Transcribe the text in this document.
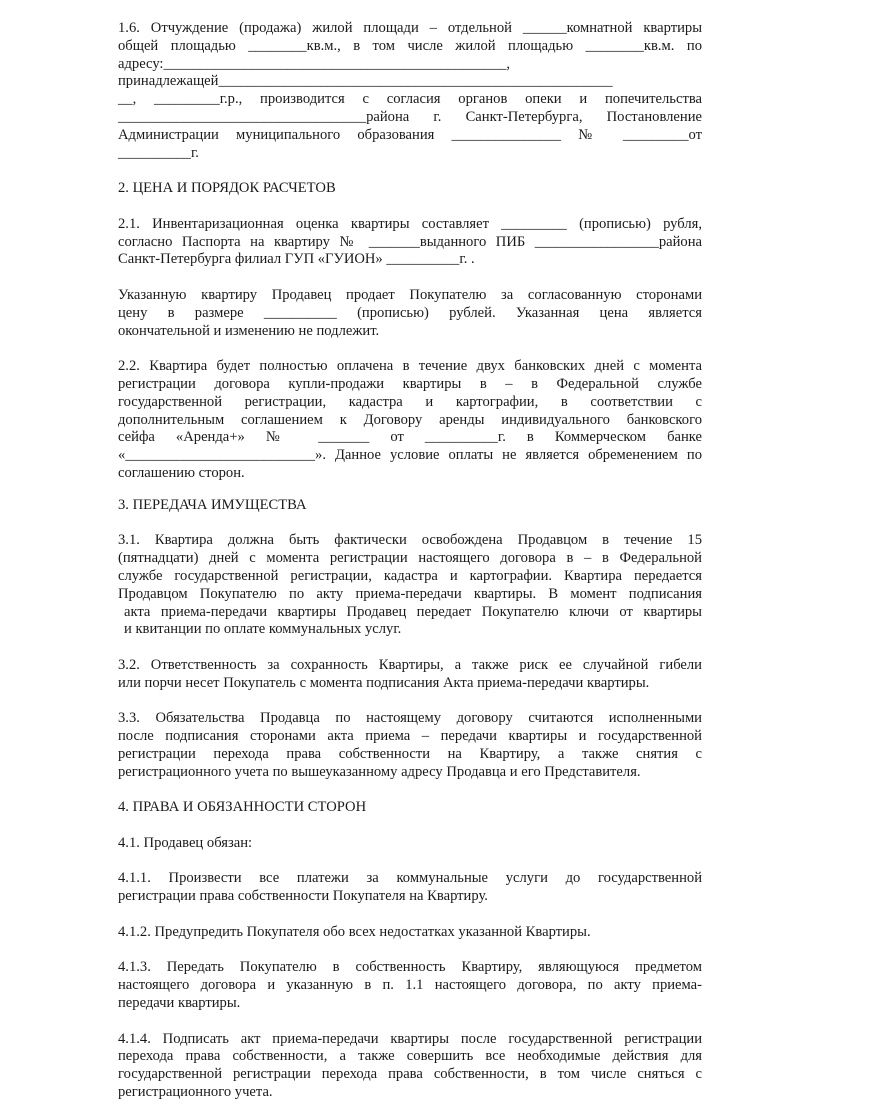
1.6. Отчуждение (продажа) жилой площади – отдельной ______комнатной квартиры
общей площадью ________кв.м., в том числе жилой площадью ________кв.м. по
адресу:_______________________________________________,
принадлежащей______________________________________________________
__, _________г.р., производится с согласия органов опеки и попечительства
__________________________________района г. Санкт-Петербурга, Постановление
Администрации муниципального образования _______________ № _________от
__________г.
2. ЦЕНА И ПОРЯДОК РАСЧЕТОВ
2.1. Инвентаризационная оценка квартиры составляет _________ (прописью) рубля,
согласно Паспорта на квартиру № _______выданного ПИБ _________________района
Санкт-Петербурга филиал ГУП «ГУИОН» __________г. .
Указанную квартиру Продавец продает Покупателю за согласованную сторонами
цену в размере __________ (прописью) рублей. Указанная цена является
окончательной и изменению не подлежит.
2.2. Квартира будет полностью оплачена в течение двух банковских дней с момента
регистрации договора купли-продажи квартиры в – в Федеральной службе
государственной регистрации, кадастра и картографии, в соответствии с
дополнительным соглашением к Договору аренды индивидуального банковского
сейфа «Аренда+» № _______ от __________г. в Коммерческом банке
«__________________________». Данное условие оплаты не является обременением по
соглашению сторон.
3. ПЕРЕДАЧА ИМУЩЕСТВА
3.1. Квартира должна быть фактически освобождена Продавцом в течение 15
(пятнадцати) дней с момента регистрации настоящего договора в – в Федеральной
службе государственной регистрации, кадастра и картографии. Квартира передается
Продавцом Покупателю по акту приема-передачи квартиры. В момент подписания
акта приема-передачи квартиры Продавец передает Покупателю ключи от квартиры
и квитанции по оплате коммунальных услуг.
3.2. Ответственность за сохранность Квартиры, а также риск ее случайной гибели
или порчи несет Покупатель с момента подписания Акта приема-передачи квартиры.
3.3. Обязательства Продавца по настоящему договору считаются исполненными
после подписания сторонами акта приема – передачи квартиры и государственной
регистрации перехода права собственности на Квартиру, а также снятия с
регистрационного учета по вышеуказанному адресу Продавца и его Представителя.
4. ПРАВА И ОБЯЗАННОСТИ СТОРОН
4.1. Продавец обязан:
4.1.1. Произвести все платежи за коммунальные услуги до государственной
регистрации права собственности Покупателя на Квартиру.
4.1.2. Предупредить Покупателя обо всех недостатках указанной Квартиры.
4.1.3. Передать Покупателю в собственность Квартиру, являющуюся предметом
настоящего договора и указанную в п. 1.1 настоящего договора, по акту приема-
передачи квартиры.
4.1.4. Подписать акт приема-передачи квартиры после государственной регистрации
перехода права собственности, а также совершить все необходимые действия для
государственной регистрации перехода права собственности, в том числе сняться с
регистрационного учета.
